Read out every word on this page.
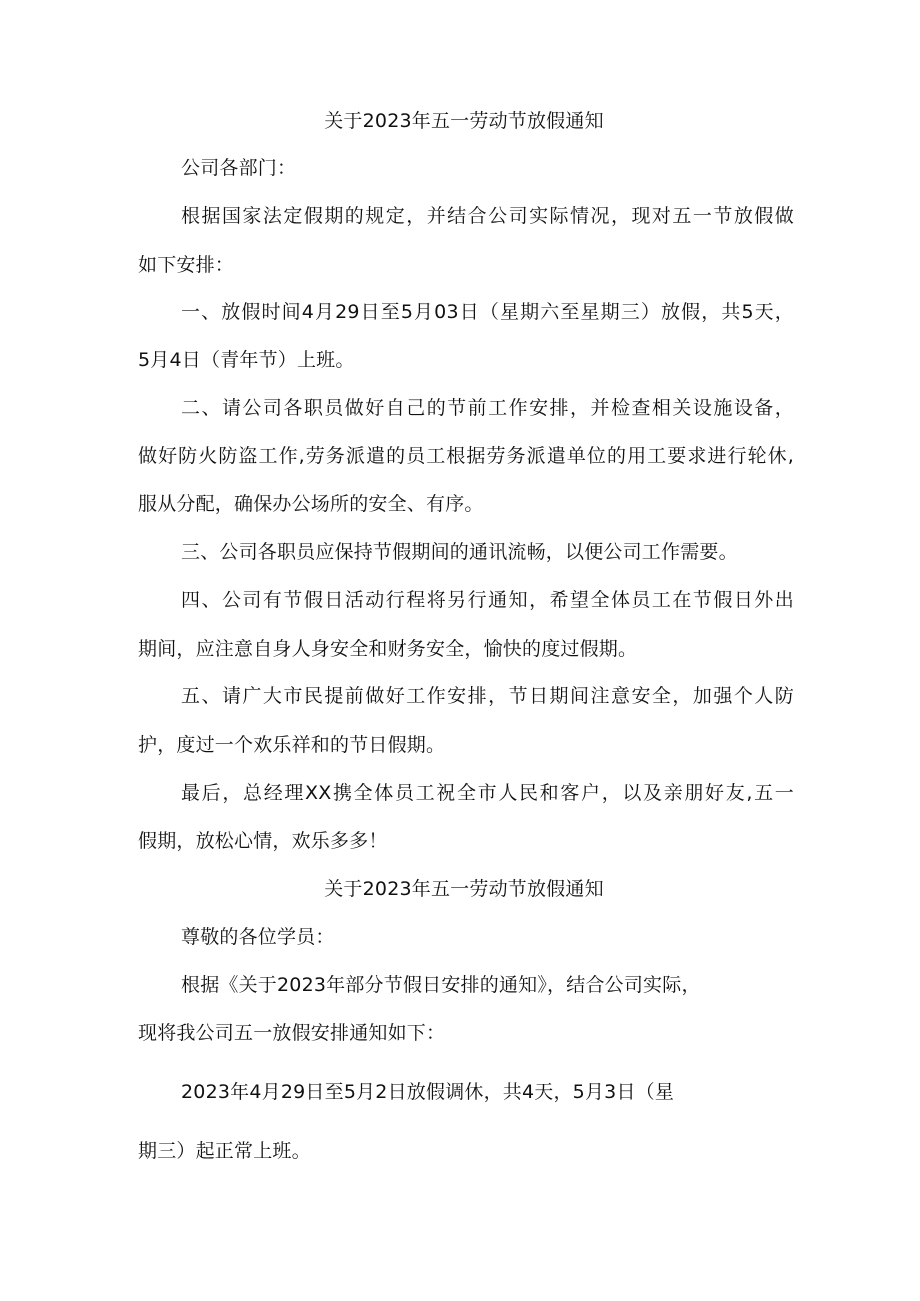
关于2023年五一劳动节放假通知
公司各部门：
根据国家法定假期的规定，并结合公司实际情况，现对五一节放假做
如下安排：
一、放假时间4月29日至5月03日（星期六至星期三）放假，共5天，
5月4日（青年节）上班。
二、请公司各职员做好自己的节前工作安排，并检查相关设施设备，
做好防火防盗工作,劳务派遣的员工根据劳务派遣单位的用工要求进行轮休,
服从分配，确保办公场所的安全、有序。
三、公司各职员应保持节假期间的通讯流畅，以便公司工作需要。
四、公司有节假日活动行程将另行通知，希望全体员工在节假日外出
期间，应注意自身人身安全和财务安全，愉快的度过假期。
五、请广大市民提前做好工作安排，节日期间注意安全，加强个人防
护，度过一个欢乐祥和的节日假期。
最后，总经理XX携全体员工祝全市人民和客户，以及亲朋好友,五一
假期，放松心情，欢乐多多！
关于2023年五一劳动节放假通知
尊敬的各位学员：
根据《关于2023年部分节假日安排的通知》，结合公司实际，
现将我公司五一放假安排通知如下：
2023年4月29日至5月2日放假调休，共4天，5月3日（星
期三）起正常上班。
